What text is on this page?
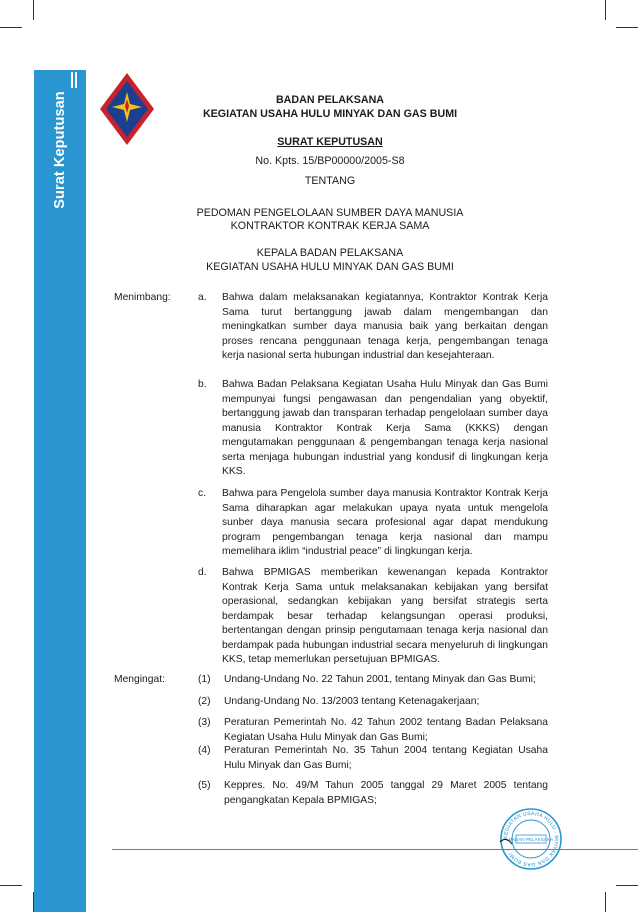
Surat Keputusan	BADAN PELAKSANA
KEGIATAN USAHA HULU MINYAK DAN GAS BUMI
SURAT KEPUTUSAN
No. Kpts. 15/BP00000/2005-S8
TENTANG
PEDOMAN PENGELOLAAN SUMBER DAYA MANUSIA
KONTRAKTOR KONTRAK KERJA SAMA
KEPALA BADAN PELAKSANA
KEGIATAN USAHA HULU MINYAK DAN GAS BUMI
Menimbang:	a. Bahwa dalam melaksanakan kegiatannya, Kontraktor Kontrak Kerja Sama turut bertanggung jawab dalam mengembangan dan meningkatkan sumber daya manusia baik yang berkaitan dengan proses rencana penggunaan tenaga kerja, pengembangan tenaga kerja nasional serta hubungan industrial dan kesejahteraan.
b. Bahwa Badan Pelaksana Kegiatan Usaha Hulu Minyak dan Gas Bumi mempunyai fungsi pengawasan dan pengendalian yang obyektif, bertanggung jawab dan transparan terhadap pengelolaan sumber daya manusia Kontraktor Kontrak Kerja Sama (KKKS) dengan mengutamakan penggunaan & pengembangan tenaga kerja nasional serta menjaga hubungan industrial yang kondusif di lingkungan kerja KKS.
c. Bahwa para Pengelola sumber daya manusia Kontraktor Kontrak Kerja Sama diharapkan agar melakukan upaya nyata untuk mengelola sunber daya manusia secara profesional agar dapat mendukung program pengembangan tenaga kerja nasional dan mampu memelihara iklim “industrial peace” di lingkungan kerja.
d. Bahwa BPMIGAS memberikan kewenangan kepada Kontraktor Kontrak Kerja Sama untuk melaksanakan kebijakan yang bersifat operasional, sedangkan kebijakan yang bersifat strategis serta berdampak besar terhadap kelangsungan operasi produksi, bertentangan dengan prinsip pengutamaan tenaga kerja nasional dan berdampak pada hubungan industrial secara menyeluruh di lingkungan KKS, tetap memerlukan persetujuan BPMIGAS.
Mengingat:	(1) Undang-Undang No. 22 Tahun 2001, tentang Minyak dan Gas Bumi;
(2) Undang-Undang No. 13/2003 tentang Ketenagakerjaan;
(3) Peraturan Pemerintah No. 42 Tahun 2002 tentang Badan Pelaksana Kegiatan Usaha Hulu Minyak dan Gas Bumi;
(4) Peraturan Pemerintah No. 35 Tahun 2004 tentang Kegiatan Usaha Hulu Minyak dan Gas Bumi;
(5) Keppres. No. 49/M Tahun 2005 tanggal 29 Maret 2005 tentang pengangkatan Kepala BPMIGAS;
KEGIATAN USAHA HULU · MINYAK DAN GAS BUMI ·
BADAN PELAKSANA
